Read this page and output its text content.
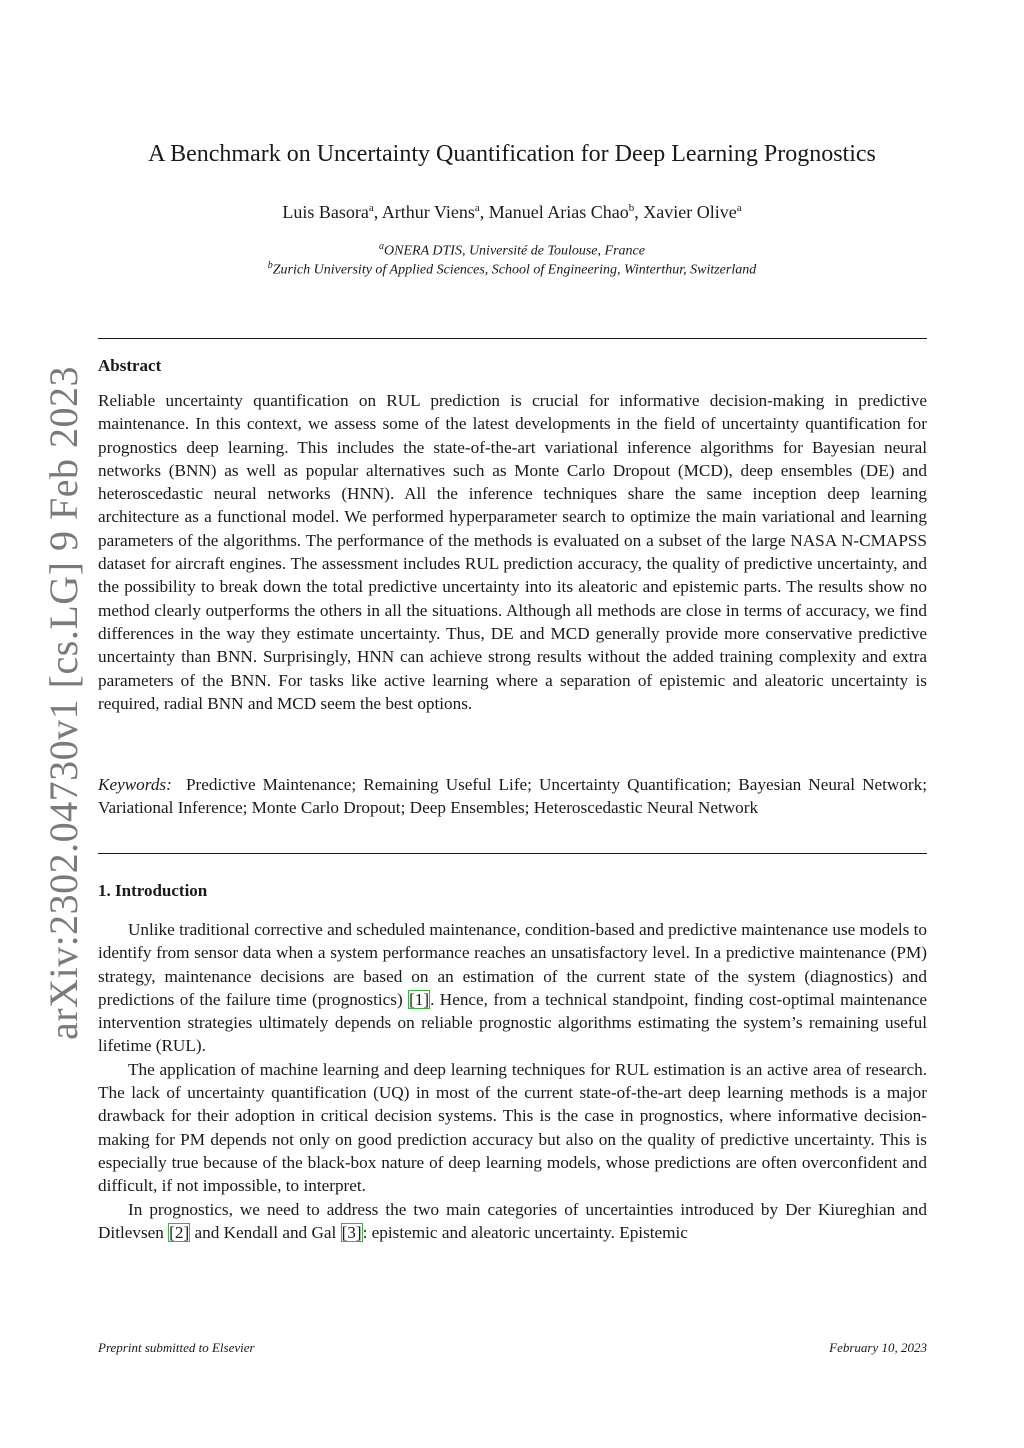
arXiv:2302.04730v1 [cs.LG] 9 Feb 2023
A Benchmark on Uncertainty Quantification for Deep Learning Prognostics
Luis Basora$^a$, Arthur Viens$^a$, Manuel Arias Chao$^b$, Xavier Olive$^a$
$^a$ONERA DTIS, Université de Toulouse, France
$^b$Zurich University of Applied Sciences, School of Engineering, Winterthur, Switzerland
Abstract
Reliable uncertainty quantification on RUL prediction is crucial for informative decision-making in predictive maintenance. In this context, we assess some of the latest developments in the field of uncertainty quantification for prognostics deep learning. This includes the state-of-the-art variational inference algorithms for Bayesian neural networks (BNN) as well as popular alternatives such as Monte Carlo Dropout (MCD), deep ensembles (DE) and heteroscedastic neural networks (HNN). All the inference techniques share the same inception deep learning architecture as a functional model. We performed hyperparameter search to optimize the main variational and learning parameters of the algorithms. The performance of the methods is evaluated on a subset of the large NASA N-CMAPSS dataset for aircraft engines. The assessment includes RUL prediction accuracy, the quality of predictive uncertainty, and the possibility to break down the total predictive uncertainty into its aleatoric and epistemic parts. The results show no method clearly outperforms the others in all the situations. Although all methods are close in terms of accuracy, we find differences in the way they estimate uncertainty. Thus, DE and MCD generally provide more conservative predictive uncertainty than BNN. Surprisingly, HNN can achieve strong results without the added training complexity and extra parameters of the BNN. For tasks like active learning where a separation of epistemic and aleatoric uncertainty is required, radial BNN and MCD seem the best options.
Keywords: Predictive Maintenance; Remaining Useful Life; Uncertainty Quantification; Bayesian Neural Network; Variational Inference; Monte Carlo Dropout; Deep Ensembles; Heteroscedastic Neural Network
1. Introduction

Unlike traditional corrective and scheduled maintenance, condition-based and predictive maintenance use models to identify from sensor data when a system performance reaches an unsatisfactory level. In a predictive maintenance (PM) strategy, maintenance decisions are based on an estimation of the current state of the system (diagnostics) and predictions of the failure time (prognostics) [1]. Hence, from a technical standpoint, finding cost-optimal maintenance intervention strategies ultimately depends on reliable prognostic algorithms estimating the system’s remaining useful lifetime (RUL).

The application of machine learning and deep learning techniques for RUL estimation is an active area of research. The lack of uncertainty quantification (UQ) in most of the current state-of-the-art deep learning methods is a major drawback for their adoption in critical decision systems. This is the case in prognostics, where informative decision-making for PM depends not only on good prediction accuracy but also on the quality of predictive uncertainty. This is especially true because of the black-box nature of deep learning models, whose predictions are often overconfident and difficult, if not impossible, to interpret.

In prognostics, we need to address the two main categories of uncertainties introduced by Der Kiureghian and Ditlevsen [2] and Kendall and Gal [3]: epistemic and aleatoric uncertainty. Epistemic

Preprint submitted to Elsevier	February 10, 2023
